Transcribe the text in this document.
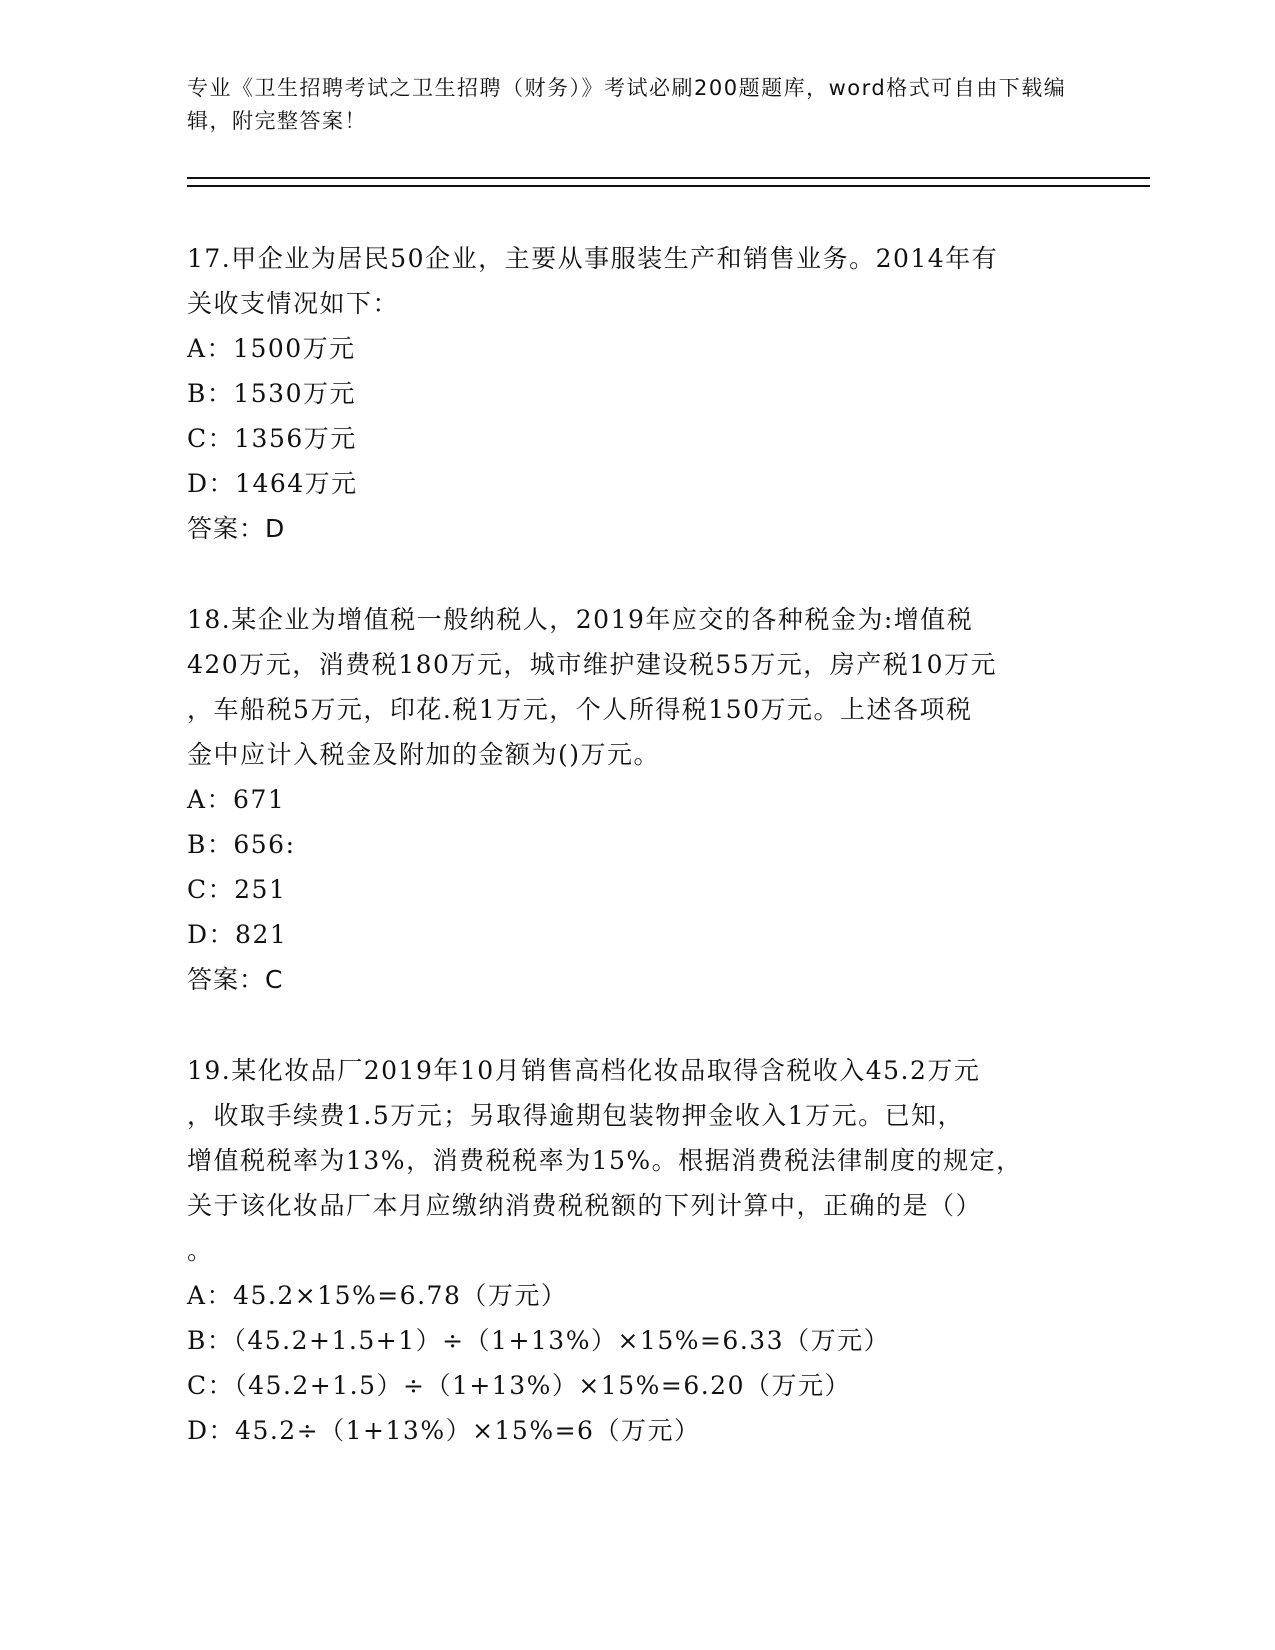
专业《卫生招聘考试之卫生招聘（财务）》考试必刷200题题库，word格式可自由下载编辑，附完整答案！
17.甲企业为居民50企业，主要从事服装生产和销售业务。2014年有
关收支情况如下：
A：1500万元
B：1530万元
C：1356万元
D：1464万元
答案：D
18.某企业为增值税一般纳税人，2019年应交的各种税金为:增值税
420万元，消费税180万元，城市维护建设税55万元，房产税10万元
，车船税5万元，印花.税1万元，个人所得税150万元。上述各项税
金中应计入税金及附加的金额为()万元。
A：671
B：656:
C：251
D：821
答案：C
19.某化妆品厂2019年10月销售高档化妆品取得含税收入45.2万元
，收取手续费1.5万元；另取得逾期包装物押金收入1万元。已知，
增值税税率为13%，消费税税率为15%。根据消费税法律制度的规定，
关于该化妆品厂本月应缴纳消费税税额的下列计算中，正确的是（）
。
A：45.2×15%=6.78（万元）
B：（45.2+1.5+1）÷（1+13%）×15%=6.33（万元）
C：（45.2+1.5）÷（1+13%）×15%=6.20（万元）
D：45.2÷（1+13%）×15%=6（万元）
